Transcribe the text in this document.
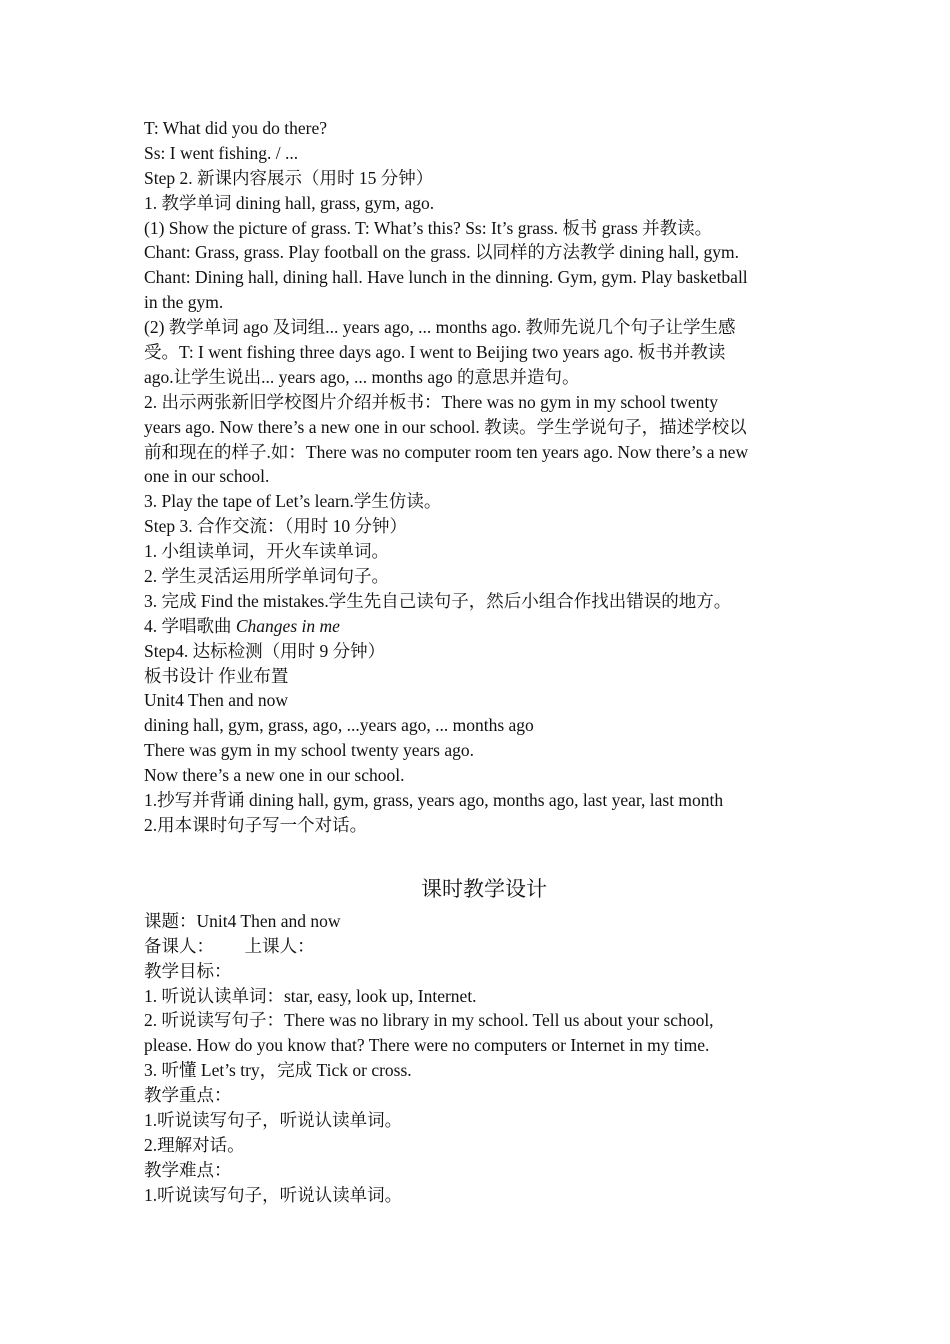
T: What did you do there?
Ss: I went fishing. / ...
Step 2. 新课内容展示（用时 15 分钟）
1. 教学单词 dining hall, grass, gym, ago.
(1) Show the picture of grass. T: What’s this? Ss: It’s grass. 板书 grass 并教读。
Chant: Grass, grass. Play football on the grass. 以同样的方法教学 dining hall, gym.
Chant: Dining hall, dining hall. Have lunch in the dinning. Gym, gym. Play basketball
in the gym.
(2) 教学单词 ago 及词组... years ago, ... months ago. 教师先说几个句子让学生感
受。T: I went fishing three days ago. I went to Beijing two years ago. 板书并教读
ago.让学生说出... years ago, ... months ago 的意思并造句。
2. 出示两张新旧学校图片介绍并板书：There was no gym in my school twenty
years ago. Now there’s a new one in our school. 教读。学生学说句子，描述学校以
前和现在的样子.如：There was no computer room ten years ago. Now there’s a new
one in our school.
3. Play the tape of Let’s learn.学生仿读。
Step 3. 合作交流：（用时 10 分钟）
1. 小组读单词，开火车读单词。
2. 学生灵活运用所学单词句子。
3. 完成 Find the mistakes.学生先自己读句子，然后小组合作找出错误的地方。
4. 学唱歌曲 Changes in me
Step4. 达标检测（用时 9 分钟）
板书设计 作业布置
Unit4 Then and now
dining hall, gym, grass, ago, ...years ago, ... months ago
There was gym in my school twenty years ago.
Now there’s a new one in our school.
1.抄写并背诵 dining hall, gym, grass, years ago, months ago, last year, last month
2.用本课时句子写一个对话。
课时教学设计
课题：Unit4 Then and now
备课人：       上课人：
教学目标：
1. 听说认读单词：star, easy, look up, Internet.
2. 听说读写句子：There was no library in my school. Tell us about your school,
please. How do you know that? There were no computers or Internet in my time.
3. 听懂 Let’s try，完成 Tick or cross.
教学重点：
1.听说读写句子，听说认读单词。
2.理解对话。
教学难点：
1.听说读写句子，听说认读单词。
